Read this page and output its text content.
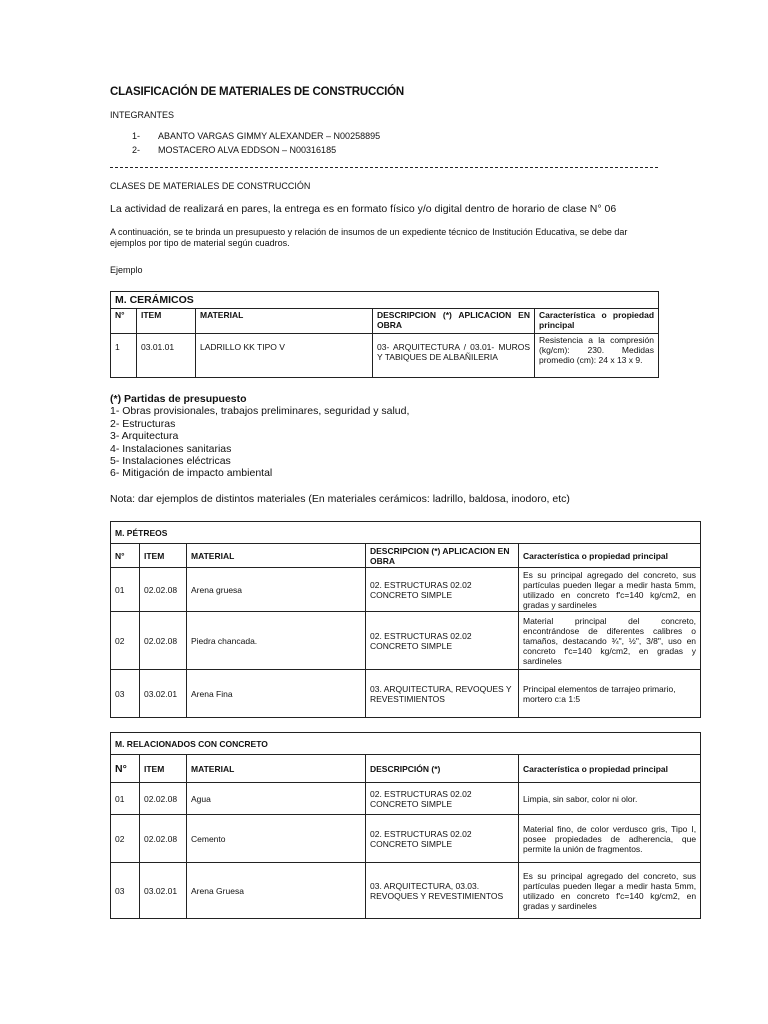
CLASIFICACIÓN DE MATERIALES DE CONSTRUCCIÓN
INTEGRANTES
1- ABANTO VARGAS GIMMY ALEXANDER – N00258895
2- MOSTACERO ALVA EDDSON – N00316185
CLASES DE MATERIALES DE CONSTRUCCIÓN
La actividad de realizará en pares, la entrega es en formato físico y/o digital dentro de horario de clase N° 06
A continuación, se te brinda un presupuesto y relación de insumos de un expediente técnico de Institución Educativa, se debe dar ejemplos por tipo de material según cuadros.
Ejemplo
M. CERÁMICOS				
N°	ITEM	MATERIAL	DESCRIPCION (*) APLICACION EN OBRA	Característica o propiedad principal
1	03.01.01	LADRILLO KK TIPO V	03- ARQUITECTURA / 03.01- MUROS Y TABIQUES DE ALBAÑILERIA	Resistencia a la compresión (kg/cm): 230. Medidas promedio (cm): 24 x 13 x 9.
(*) Partidas de presupuesto
1- Obras provisionales, trabajos preliminares, seguridad y salud,
2- Estructuras
3- Arquitectura
4- Instalaciones sanitarias
5- Instalaciones eléctricas
6- Mitigación de impacto ambiental
Nota: dar ejemplos de distintos materiales (En materiales cerámicos: ladrillo, baldosa, inodoro, etc)
M. PÉTREOS				
N°	ITEM	MATERIAL	DESCRIPCION (*) APLICACION EN OBRA	Característica o propiedad principal
01	02.02.08	Arena gruesa	02. ESTRUCTURAS 02.02 CONCRETO SIMPLE	Es su principal agregado del concreto, sus partículas pueden llegar a medir hasta 5mm, utilizado en concreto f'c=140 kg/cm2, en gradas y sardineles
02	02.02.08	Piedra chancada.	02. ESTRUCTURAS 02.02 CONCRETO SIMPLE	Material principal del concreto, encontrándose de diferentes calibres o tamaños, destacando ¾", ½", 3/8", uso en concreto f'c=140 kg/cm2, en gradas y sardineles
03	03.02.01	Arena Fina	03. ARQUITECTURA, REVOQUES Y REVESTIMIENTOS	Principal elementos de tarrajeo primario, mortero c:a 1:5
M. RELACIONADOS CON CONCRETO				
N°	ITEM	MATERIAL	DESCRIPCIÓN (*)	Característica o propiedad principal
01	02.02.08	Agua	02. ESTRUCTURAS 02.02 CONCRETO SIMPLE	Limpia, sin sabor, color ni olor.
02	02.02.08	Cemento	02. ESTRUCTURAS 02.02 CONCRETO SIMPLE	Material fino, de color verdusco gris, Tipo I, posee propiedades de adherencia, que permite la unión de fragmentos.
03	03.02.01	Arena Gruesa	03. ARQUITECTURA, 03.03. REVOQUES Y REVESTIMIENTOS	Es su principal agregado del concreto, sus partículas pueden llegar a medir hasta 5mm, utilizado en concreto f'c=140 kg/cm2, en gradas y sardineles
